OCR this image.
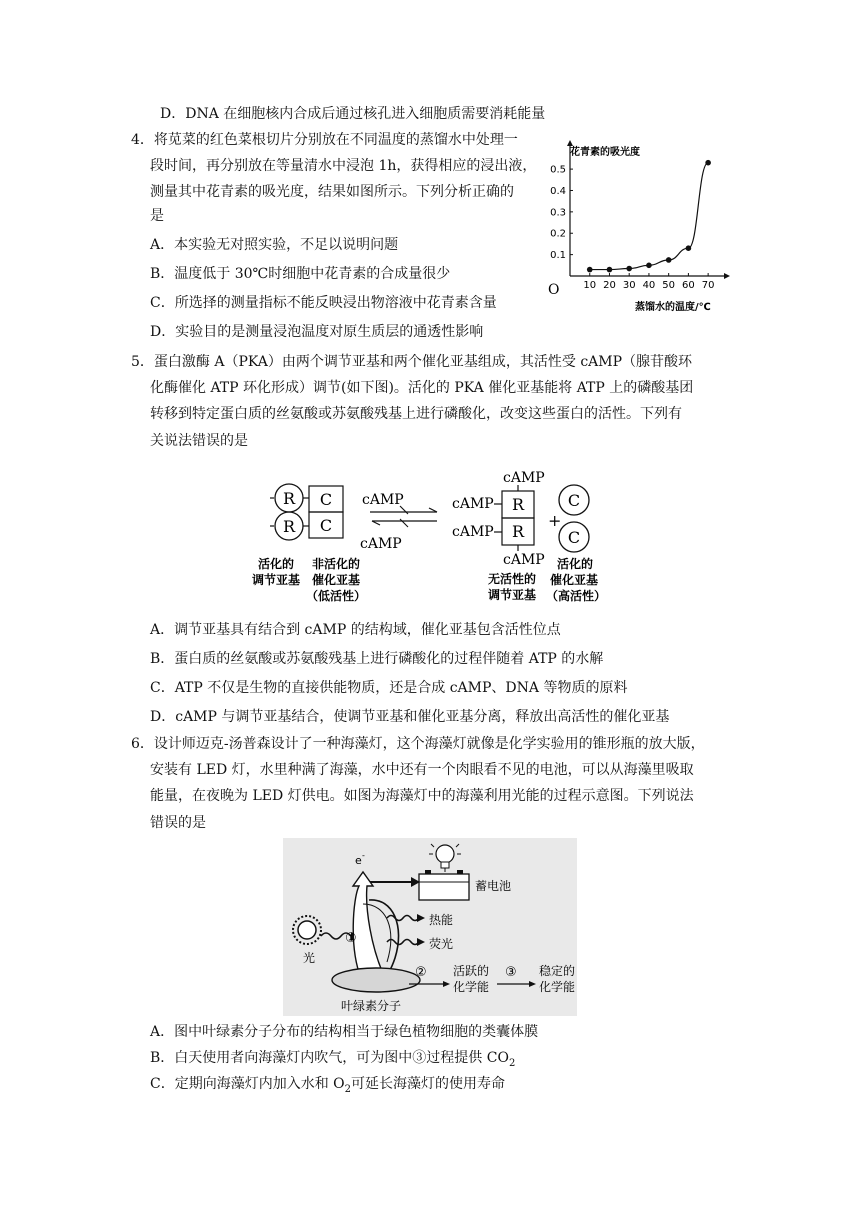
D．DNA 在细胞核内合成后通过核孔进入细胞质需要消耗能量
4．将苋菜的红色菜根切片分别放在不同温度的蒸馏水中处理一
段时间，再分别放在等量清水中浸泡 1h，获得相应的浸出液，
测量其中花青素的吸光度，结果如图所示。下列分析正确的
是
A．本实验无对照实验，不足以说明问题
B．温度低于 30℃时细胞中花青素的合成量很少
C．所选择的测量指标不能反映浸出物溶液中花青素含量
D．实验目的是测量浸泡温度对原生质层的通透性影响
花青素的吸光度
蒸馏水的温度/℃
O 10 20 30 40 50 60 70
0.1
0.2
0.3
0.4
0.5
5．蛋白激酶 A（PKA）由两个调节亚基和两个催化亚基组成，其活性受 cAMP（腺苷酸环
化酶催化 ATP 环化形成）调节(如下图)。活化的 PKA 催化亚基能将 ATP 上的磷酸基团
转移到特定蛋白质的丝氨酸或苏氨酸残基上进行磷酸化，改变这些蛋白的活性。下列有
关说法错误的是
R
R
C
C
cAMP
cAMP
cAMP
cAMP
cAMP
R
R
cAMP
+
C
C
活化的
调节亚基
非活化的
催化亚基
（低活性）
无活性的
调节亚基
活化的
催化亚基
（高活性）
A．调节亚基具有结合到 cAMP 的结构域，催化亚基包含活性位点
B．蛋白质的丝氨酸或苏氨酸残基上进行磷酸化的过程伴随着 ATP 的水解
C．ATP 不仅是生物的直接供能物质，还是合成 cAMP、DNA 等物质的原料
D．cAMP 与调节亚基结合，使调节亚基和催化亚基分离，释放出高活性的催化亚基
6．设计师迈克-汤普森设计了一种海藻灯，这个海藻灯就像是化学实验用的锥形瓶的放大版，
安装有 LED 灯，水里种满了海藻，水中还有一个肉眼看不见的电池，可以从海藻里吸取
能量，在夜晚为 LED 灯供电。如图为海藻灯中的海藻利用光能的过程示意图。下列说法
错误的是
蓄电池
e -
光
①
热能
荧光
② 活跃的
化学能
③ 稳定的
化学能
叶绿素分子
A．图中叶绿素分子分布的结构相当于绿色植物细胞的类囊体膜
B．白天使用者向海藻灯内吹气，可为图中③过程提供 $CO_2$
C．定期向海藻灯内加入水和 $O_2$可延长海藻灯的使用寿命
